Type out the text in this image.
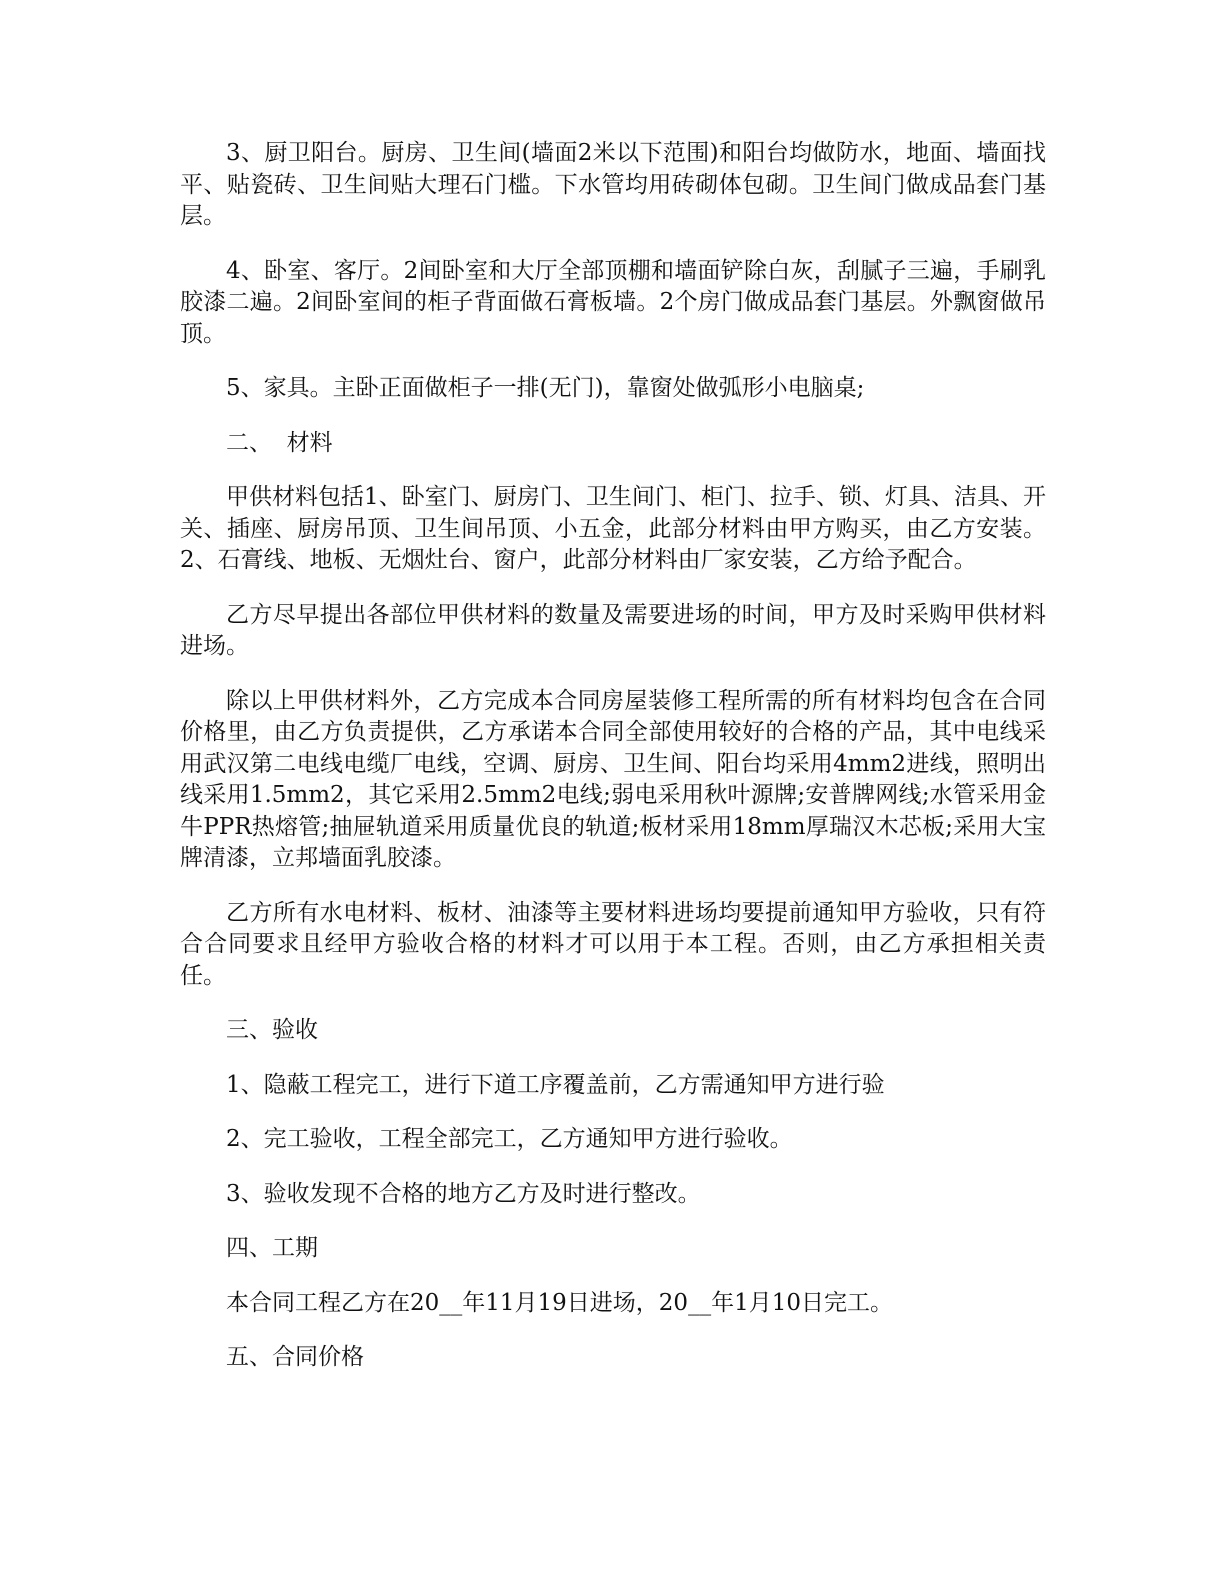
3、厨卫阳台。厨房、卫生间(墙面2米以下范围)和阳台均做防水，地面、墙面找平、贴瓷砖、卫生间贴大理石门槛。下水管均用砖砌体包砌。卫生间门做成品套门基层。

4、卧室、客厅。2间卧室和大厅全部顶棚和墙面铲除白灰，刮腻子三遍，手刷乳胶漆二遍。2间卧室间的柜子背面做石膏板墙。2个房门做成品套门基层。外飘窗做吊顶。

5、家具。主卧正面做柜子一排(无门)，靠窗处做弧形小电脑桌;

二、  材料

甲供材料包括1、卧室门、厨房门、卫生间门、柜门、拉手、锁、灯具、洁具、开关、插座、厨房吊顶、卫生间吊顶、小五金，此部分材料由甲方购买，由乙方安装。2、石膏线、地板、无烟灶台、窗户，此部分材料由厂家安装，乙方给予配合。

乙方尽早提出各部位甲供材料的数量及需要进场的时间，甲方及时采购甲供材料进场。

除以上甲供材料外，乙方完成本合同房屋装修工程所需的所有材料均包含在合同价格里，由乙方负责提供，乙方承诺本合同全部使用较好的合格的产品，其中电线采用武汉第二电线电缆厂电线，空调、厨房、卫生间、阳台均采用4mm2进线，照明出线采用1.5mm2，其它采用2.5mm2电线;弱电采用秋叶源牌;安普牌网线;水管采用金牛PPR热熔管;抽屉轨道采用质量优良的轨道;板材采用18mm厚瑞汉木芯板;采用大宝牌清漆，立邦墙面乳胶漆。

乙方所有水电材料、板材、油漆等主要材料进场均要提前通知甲方验收，只有符合合同要求且经甲方验收合格的材料才可以用于本工程。否则，由乙方承担相关责任。

三、验收

1、隐蔽工程完工，进行下道工序覆盖前，乙方需通知甲方进行验

2、完工验收，工程全部完工，乙方通知甲方进行验收。

3、验收发现不合格的地方乙方及时进行整改。

四、工期

本合同工程乙方在20__年11月19日进场，20__年1月10日完工。

五、合同价格
